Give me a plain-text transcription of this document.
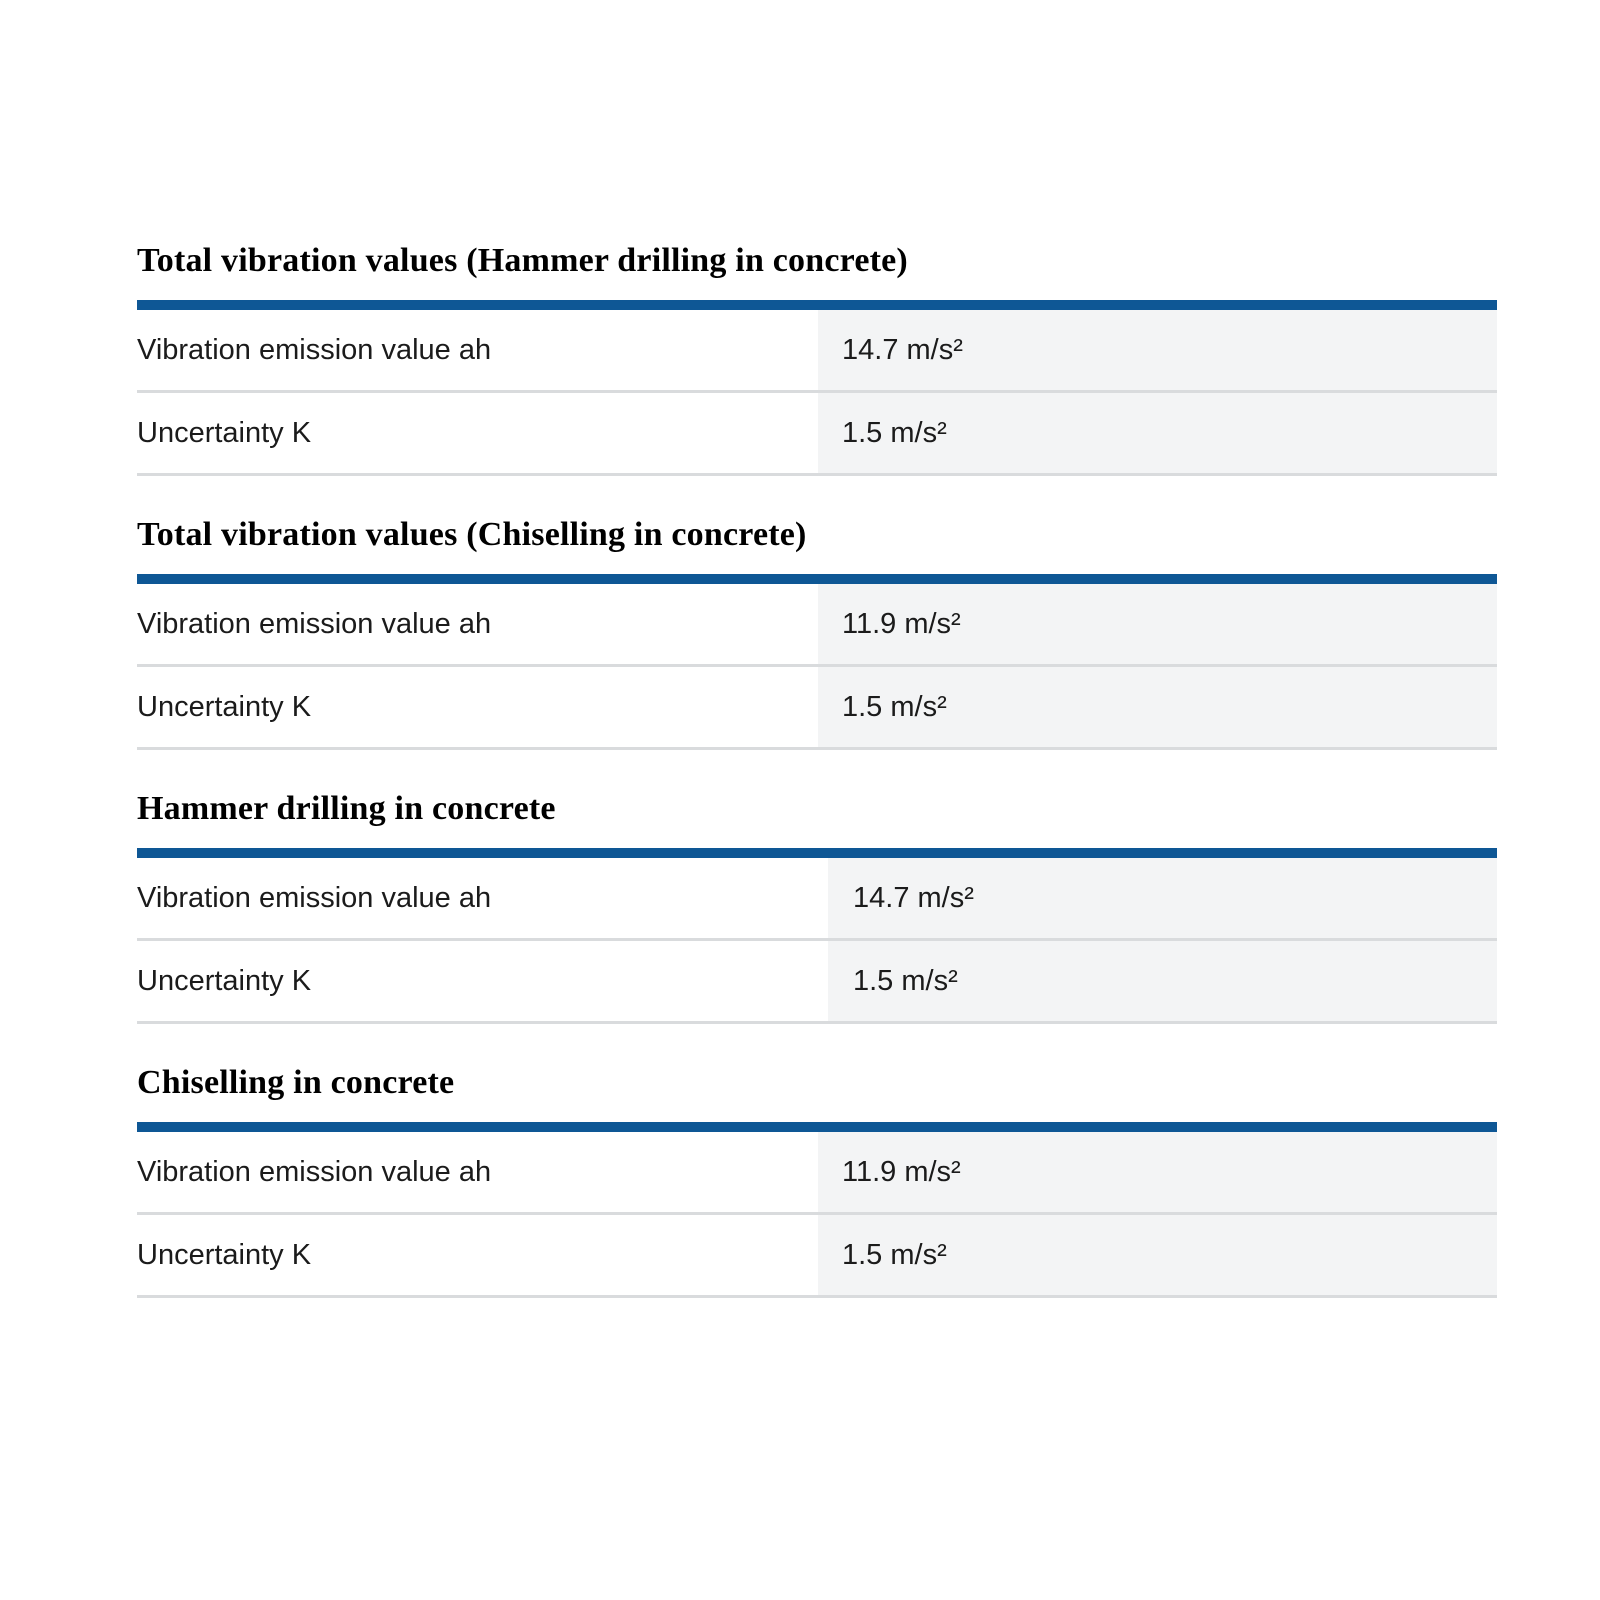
Total vibration values (Hammer drilling in concrete)
Vibration emission value ah	14.7 m/s²
Uncertainty K	1.5 m/s²
Total vibration values (Chiselling in concrete)
Vibration emission value ah	11.9 m/s²
Uncertainty K	1.5 m/s²
Hammer drilling in concrete
Vibration emission value ah	14.7 m/s²
Uncertainty K	1.5 m/s²
Chiselling in concrete
Vibration emission value ah	11.9 m/s²
Uncertainty K	1.5 m/s²
